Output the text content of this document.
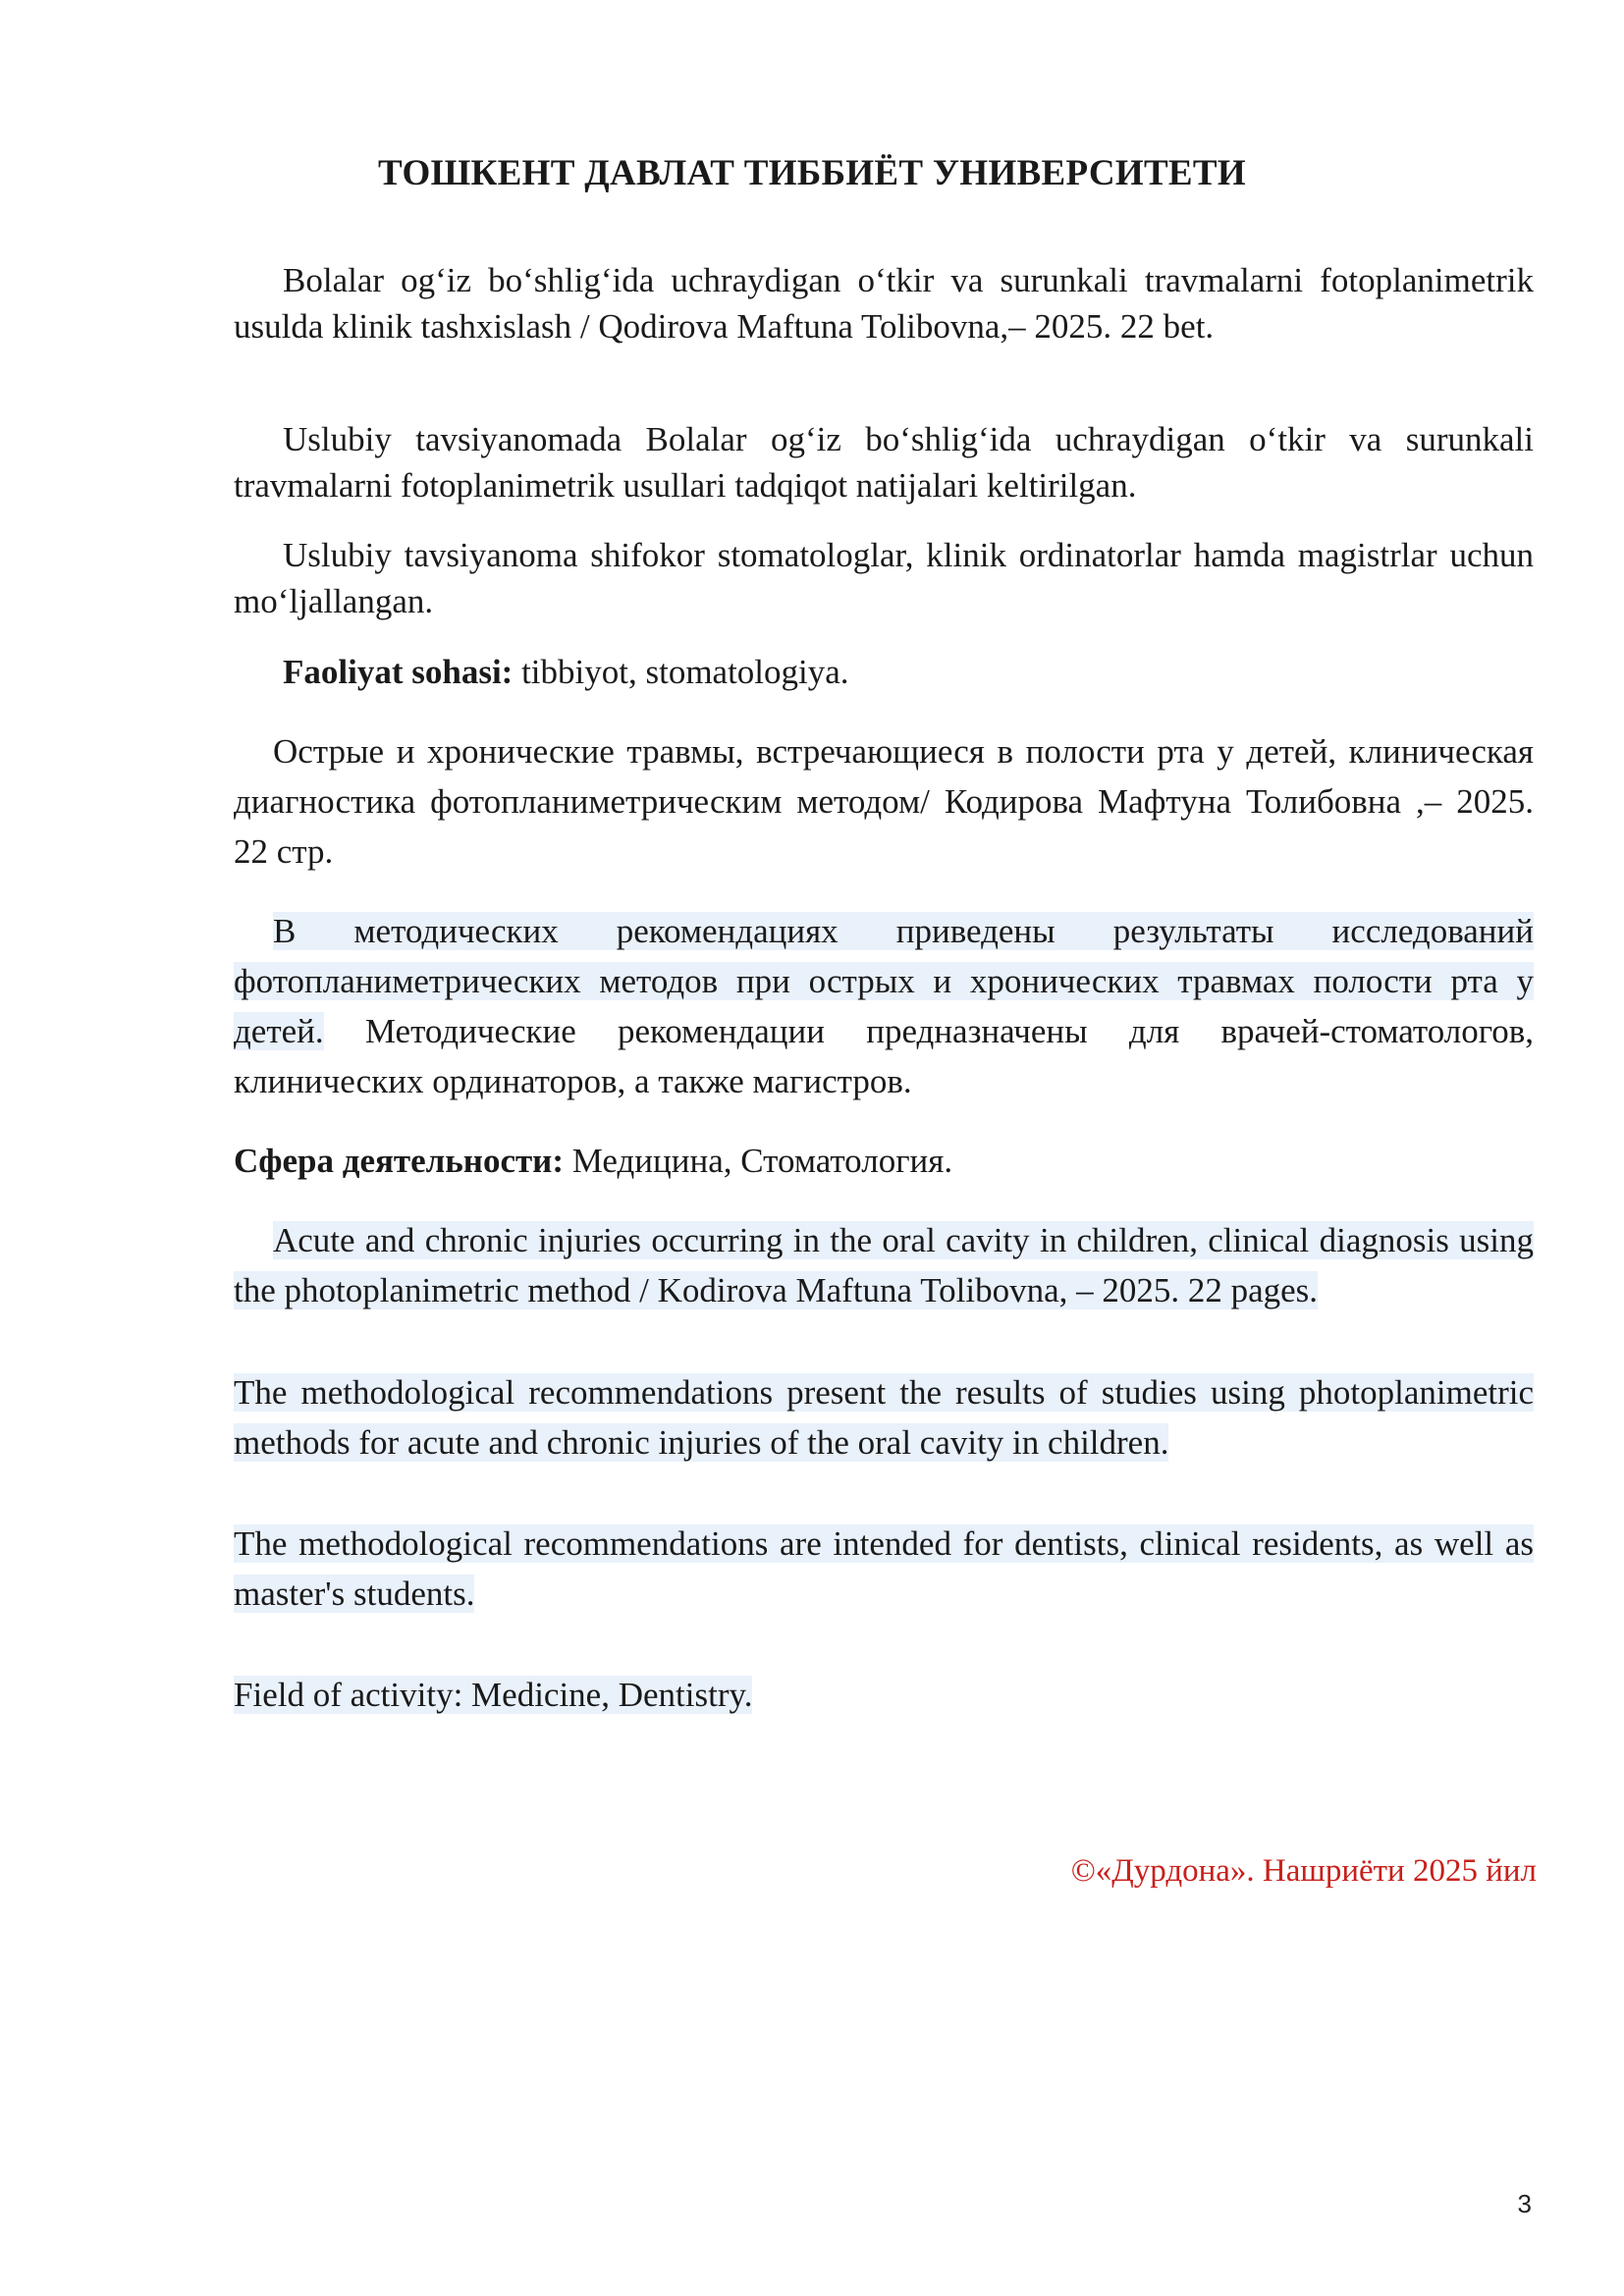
ТОШКЕНТ ДАВЛАТ ТИББИЁТ УНИВЕРСИТЕТИ
Bolalar og‘iz bo‘shlig‘ida uchraydigan o‘tkir va surunkali travmalarni fotoplanimetrik usulda klinik tashxislash / Qodirova Maftuna Tolibovna,– 2025. 22 bet.
Uslubiy tavsiyanomada Bolalar og‘iz bo‘shlig‘ida uchraydigan o‘tkir va surunkali travmalarni fotoplanimetrik usullari tadqiqot natijalari keltirilgan.
Uslubiy tavsiyanoma shifokor stomatologlar, klinik ordinatorlar hamda magistrlar uchun mo‘ljallangan.
Faoliyat sohasi: tibbiyot, stomatologiya.
Острые и хронические травмы, встречающиеся в полости рта у детей, клиническая диагностика фотопланиметрическим методом/ Кодирова Мафтуна Толибовна ,– 2025. 22 стр.
В методических рекомендациях приведены результаты исследований фотопланиметрических методов при острых и хронических травмах полости рта у детей. Методические рекомендации предназначены для врачей-стоматологов, клинических ординаторов, а также магистров.
Сфера деятельности: Медицина, Стоматология.
Acute and chronic injuries occurring in the oral cavity in children, clinical diagnosis using the photoplanimetric method / Kodirova Maftuna Tolibovna, – 2025. 22 pages.
The methodological recommendations present the results of studies using photoplanimetric methods for acute and chronic injuries of the oral cavity in children.
The methodological recommendations are intended for dentists, clinical residents, as well as master's students.
Field of activity: Medicine, Dentistry.
©«Дурдона». Нашриёти 2025 йил
3
